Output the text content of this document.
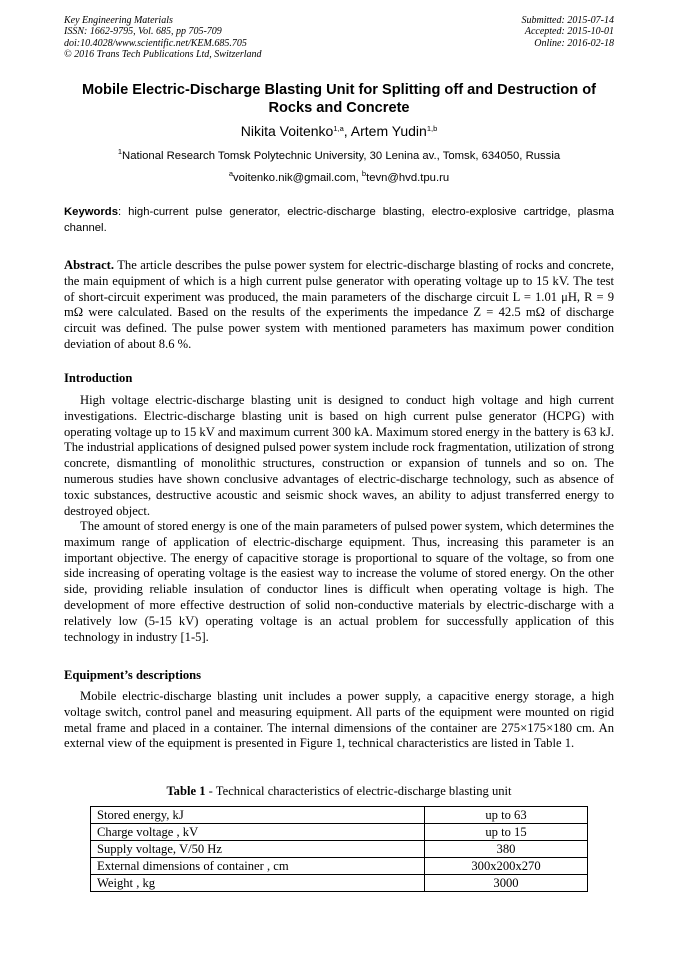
Key Engineering Materials
ISSN: 1662-9795, Vol. 685, pp 705-709
doi:10.4028/www.scientific.net/KEM.685.705
© 2016 Trans Tech Publications Ltd, Switzerland
Submitted: 2015-07-14
Accepted: 2015-10-01
Online: 2016-02-18
Mobile Electric-Discharge Blasting Unit for Splitting off and Destruction of Rocks and Concrete
Nikita Voitenko$^{1,a}$, Artem Yudin$^{1,b}$
$^1$National Research Tomsk Polytechnic University, 30 Lenina av., Tomsk, 634050, Russia
$^a$voitenko.nik@gmail.com, $^b$tevn@hvd.tpu.ru
Keywords: high-current pulse generator, electric-discharge blasting, electro-explosive cartridge, plasma channel.
Abstract. The article describes the pulse power system for electric-discharge blasting of rocks and concrete, the main equipment of which is a high current pulse generator with operating voltage up to 15 kV. The test of short-circuit experiment was produced, the main parameters of the discharge circuit L = 1.01 μH, R = 9 mΩ were calculated. Based on the results of the experiments the impedance Z = 42.5 mΩ of discharge circuit was defined. The pulse power system with mentioned parameters has maximum power condition deviation of about 8.6 %.
Introduction
High voltage electric-discharge blasting unit is designed to conduct high voltage and high current investigations. Electric-discharge blasting unit is based on high current pulse generator (HCPG) with operating voltage up to 15 kV and maximum current 300 kA. Maximum stored energy in the battery is 63 kJ. The industrial applications of designed pulsed power system include rock fragmentation, utilization of strong concrete, dismantling of monolithic structures, construction or expansion of tunnels and so on. The numerous studies have shown conclusive advantages of electric-discharge technology, such as absence of toxic substances, destructive acoustic and seismic shock waves, an ability to adjust transferred energy to destroyed object.
The amount of stored energy is one of the main parameters of pulsed power system, which determines the maximum range of application of electric-discharge equipment. Thus, increasing this parameter is an important objective. The energy of capacitive storage is proportional to square of the voltage, so from one side increasing of operating voltage is the easiest way to increase the volume of stored energy. On the other side, providing reliable insulation of conductor lines is difficult when operating voltage is high. The development of more effective destruction of solid non-conductive materials by electric-discharge with a relatively low (5-15 kV) operating voltage is an actual problem for successfully application of this technology in industry [1-5].
Equipment’s descriptions
Mobile electric-discharge blasting unit includes a power supply, a capacitive energy storage, a high voltage switch, control panel and measuring equipment. All parts of the equipment were mounted on rigid metal frame and placed in a container. The internal dimensions of the container are 275×175×180 cm. An external view of the equipment is presented in Figure 1, technical characteristics are listed in Table 1.
Table 1 - Technical characteristics of electric-discharge blasting unit
Stored energy, kJ	up to 63
Charge voltage , kV	up to 15
Supply voltage, V/50 Hz	380
External dimensions of container , cm	300x200x270
Weight , kg	3000
